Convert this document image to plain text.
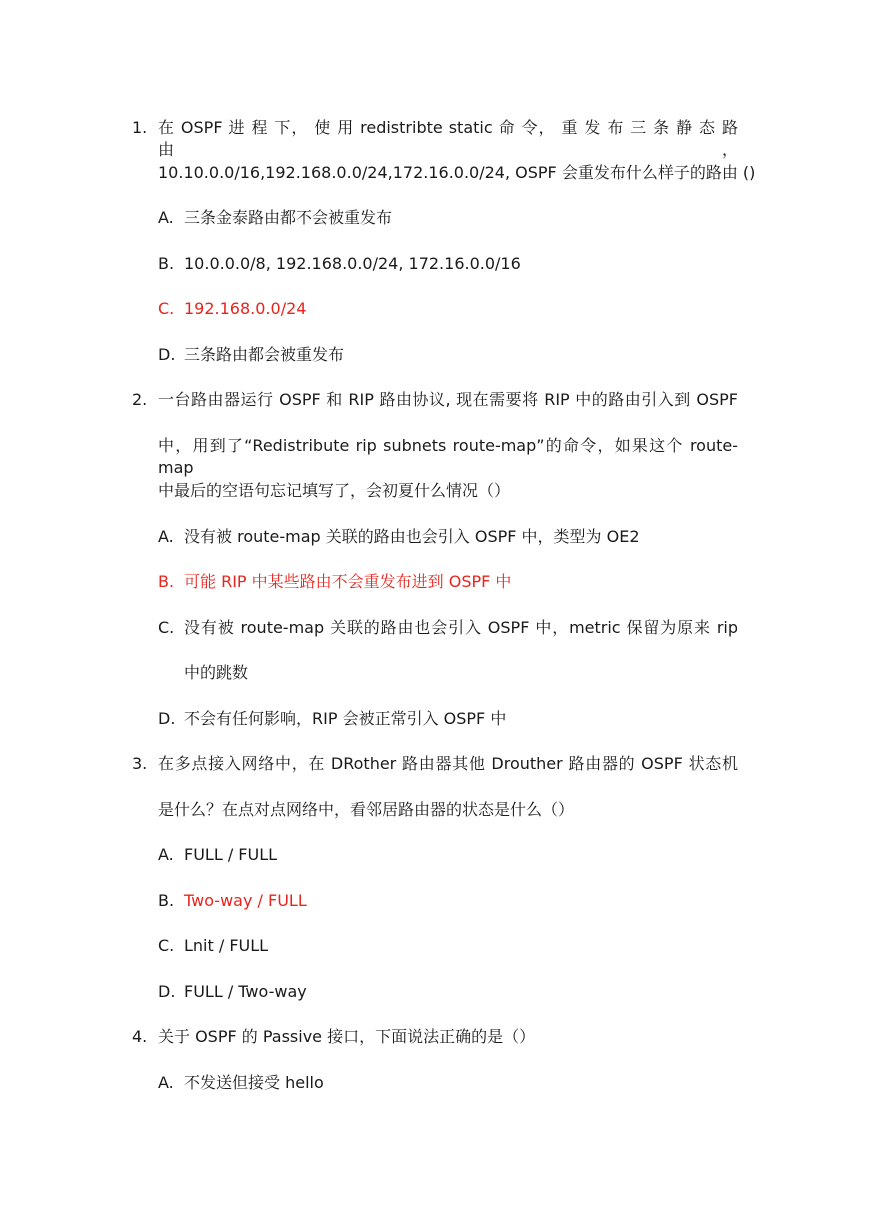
1. 在 OSPF 进 程 下， 使 用 redistribte static 命 令， 重 发 布 三 条 静 态 路 由，
10.10.0.0/16,192.168.0.0/24,172.16.0.0/24, OSPF 会重发布什么样子的路由 ()
A. 三条金泰路由都不会被重发布
B. 10.0.0.0/8, 192.168.0.0/24, 172.16.0.0/16
C. 192.168.0.0/24
D. 三条路由都会被重发布
2. 一台路由器运行 OSPF 和 RIP 路由协议, 现在需要将 RIP 中的路由引入到 OSPF
中，用到了“Redistribute rip subnets route-map”的命令，如果这个 route-map
中最后的空语句忘记填写了，会初夏什么情况（）
A. 没有被 route-map 关联的路由也会引入 OSPF 中，类型为 OE2
B. 可能 RIP 中某些路由不会重发布进到 OSPF 中
C. 没有被 route-map 关联的路由也会引入 OSPF 中，metric 保留为原来 rip
中的跳数
D. 不会有任何影响，RIP 会被正常引入 OSPF 中
3. 在多点接入网络中，在 DRother 路由器其他 Drouther 路由器的 OSPF 状态机
是什么？在点对点网络中，看邻居路由器的状态是什么（）
A. FULL / FULL
B. Two-way / FULL
C. Lnit / FULL
D. FULL / Two-way
4. 关于 OSPF 的 Passive 接口，下面说法正确的是（）
A. 不发送但接受 hello
